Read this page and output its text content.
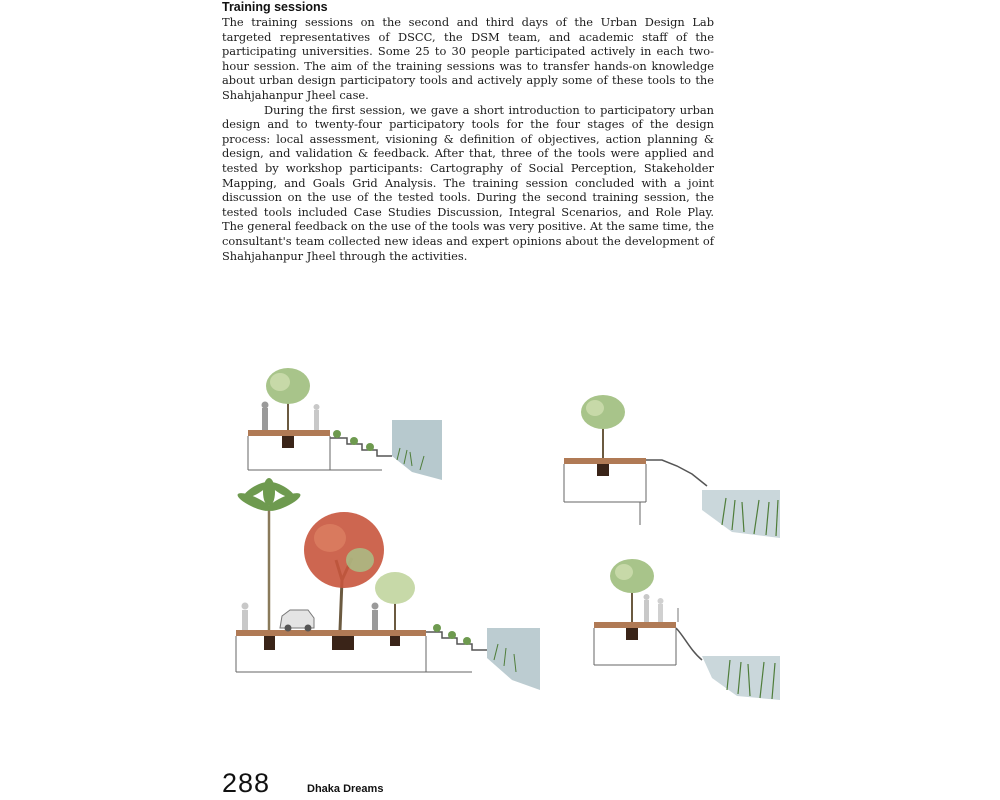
Training sessions

The training sessions on the second and third days of the Urban Design Lab targeted representatives of DSCC, the DSM team, and academic staff of the participating universities. Some 25 to 30 people participated actively in each two-hour session. The aim of the training sessions was to transfer hands-on knowledge about urban design participatory tools and actively apply some of these tools to the Shahjahanpur Jheel case.

During the first session, we gave a short introduction to participatory urban design and to twenty-four participatory tools for the four stages of the design process: local assessment, visioning & definition of objectives, action planning & design, and validation & feedback. After that, three of the tools were applied and tested by workshop participants: Cartography of Social Perception, Stakeholder Mapping, and Goals Grid Analysis. The training session concluded with a joint discussion on the use of the tested tools. During the second training session, the tested tools included Case Studies Discussion, Integral Scenarios, and Role Play. The general feedback on the use of the tools was very positive. At the same time, the consultant's team collected new ideas and expert opinions about the development of Shahjahanpur Jheel through the activities.

288	Dhaka Dreams
